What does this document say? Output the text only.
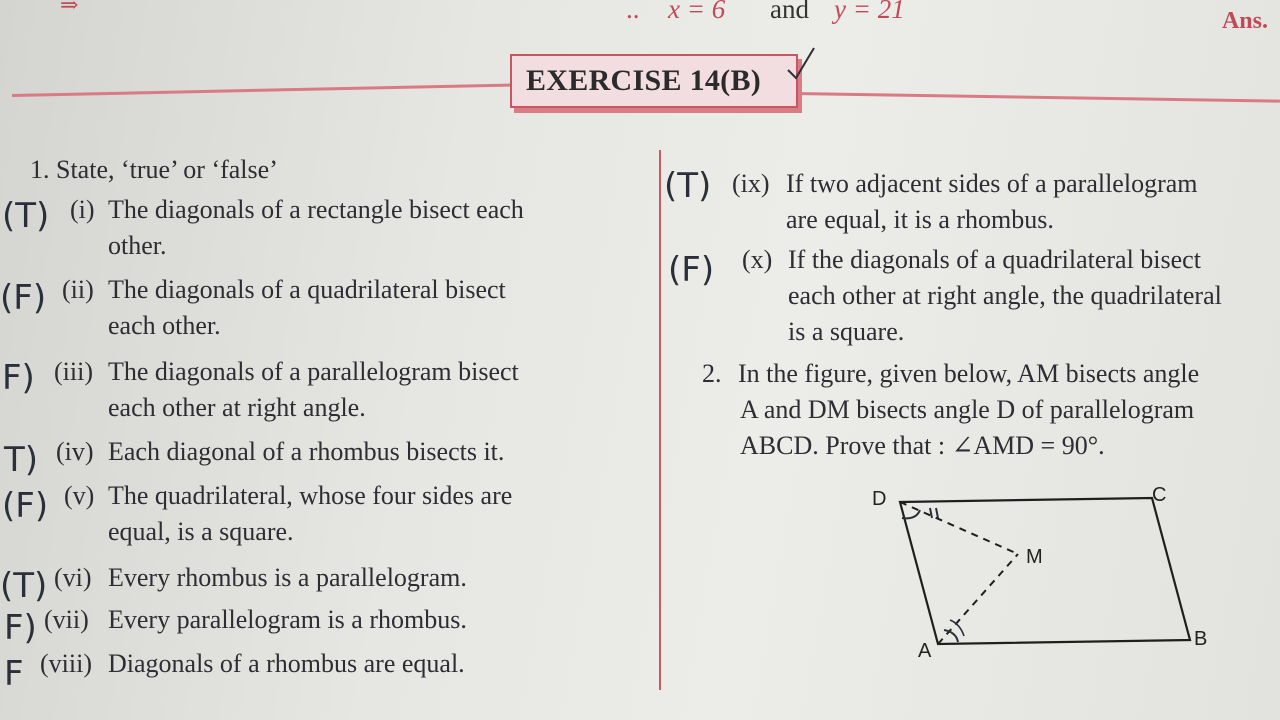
⇒	.. x = 6 and y = 21	Ans.
EXERCISE 14(B)
1. State, ‘true’ or ‘false’
(T) (i) The diagonals of a rectangle bisect each
other.
(F) (ii) The diagonals of a quadrilateral bisect
each other.
F) (iii) The diagonals of a parallelogram bisect
each other at right angle.
T) (iv) Each diagonal of a rhombus bisects it.
(F) (v) The quadrilateral, whose four sides are
equal, is a square.
(T) (vi) Every rhombus is a parallelogram.
F) (vii) Every parallelogram is a rhombus.
F (viii) Diagonals of a rhombus are equal.
(T) (ix) If two adjacent sides of a parallelogram
are equal, it is a rhombus.
(F) (x) If the diagonals of a quadrilateral bisect
each other at right angle, the quadrilateral
is a square.
2. In the figure, given below, AM bisects angle
A and DM bisects angle D of parallelogram
ABCD. Prove that : ∠AMD = 90°.
D	C
M
A
B
